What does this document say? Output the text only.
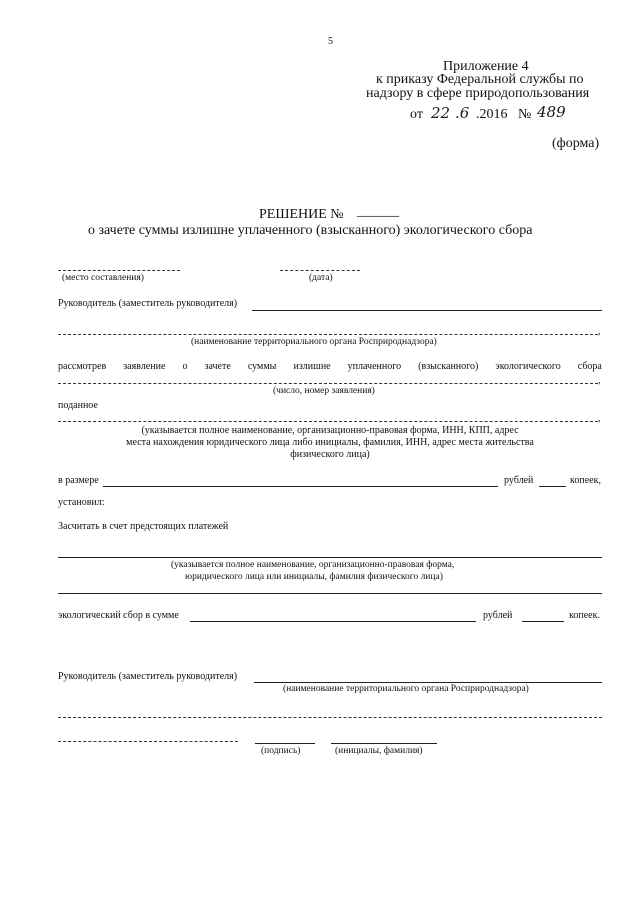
5
Приложение 4
к приказу Федеральной службы по
надзору в сфере природопользования
от 22 .6 .2016 № 489
(форма)
РЕШЕНИЕ № ______
о зачете суммы излишне уплаченного (взысканного) экологического сбора
(место составления)	(дата)
Руководитель (заместитель руководителя)
,
(наименование территориального органа Росприроднадзора)
рассмотрев заявление о зачете суммы излишне уплаченного (взысканного) экологического сбора
,
(число, номер заявления)
поданное
,
(указывается полное наименование, организационно-правовая форма, ИНН, КПП, адрес
места нахождения юридического лица либо инициалы, фамилия, ИНН, адрес места жительства
физического лица)
в размере	рублей	копеек,
установил:
Засчитать в счет предстоящих платежей
(указывается полное наименование, организационно-правовая форма,
юридического лица или инициалы, фамилия физического лица)
экологический сбор в сумме	рублей	копеек.
Руководитель (заместитель руководителя)
(наименование территориального органа Росприроднадзора)
(подпись)	(инициалы, фамилия)
